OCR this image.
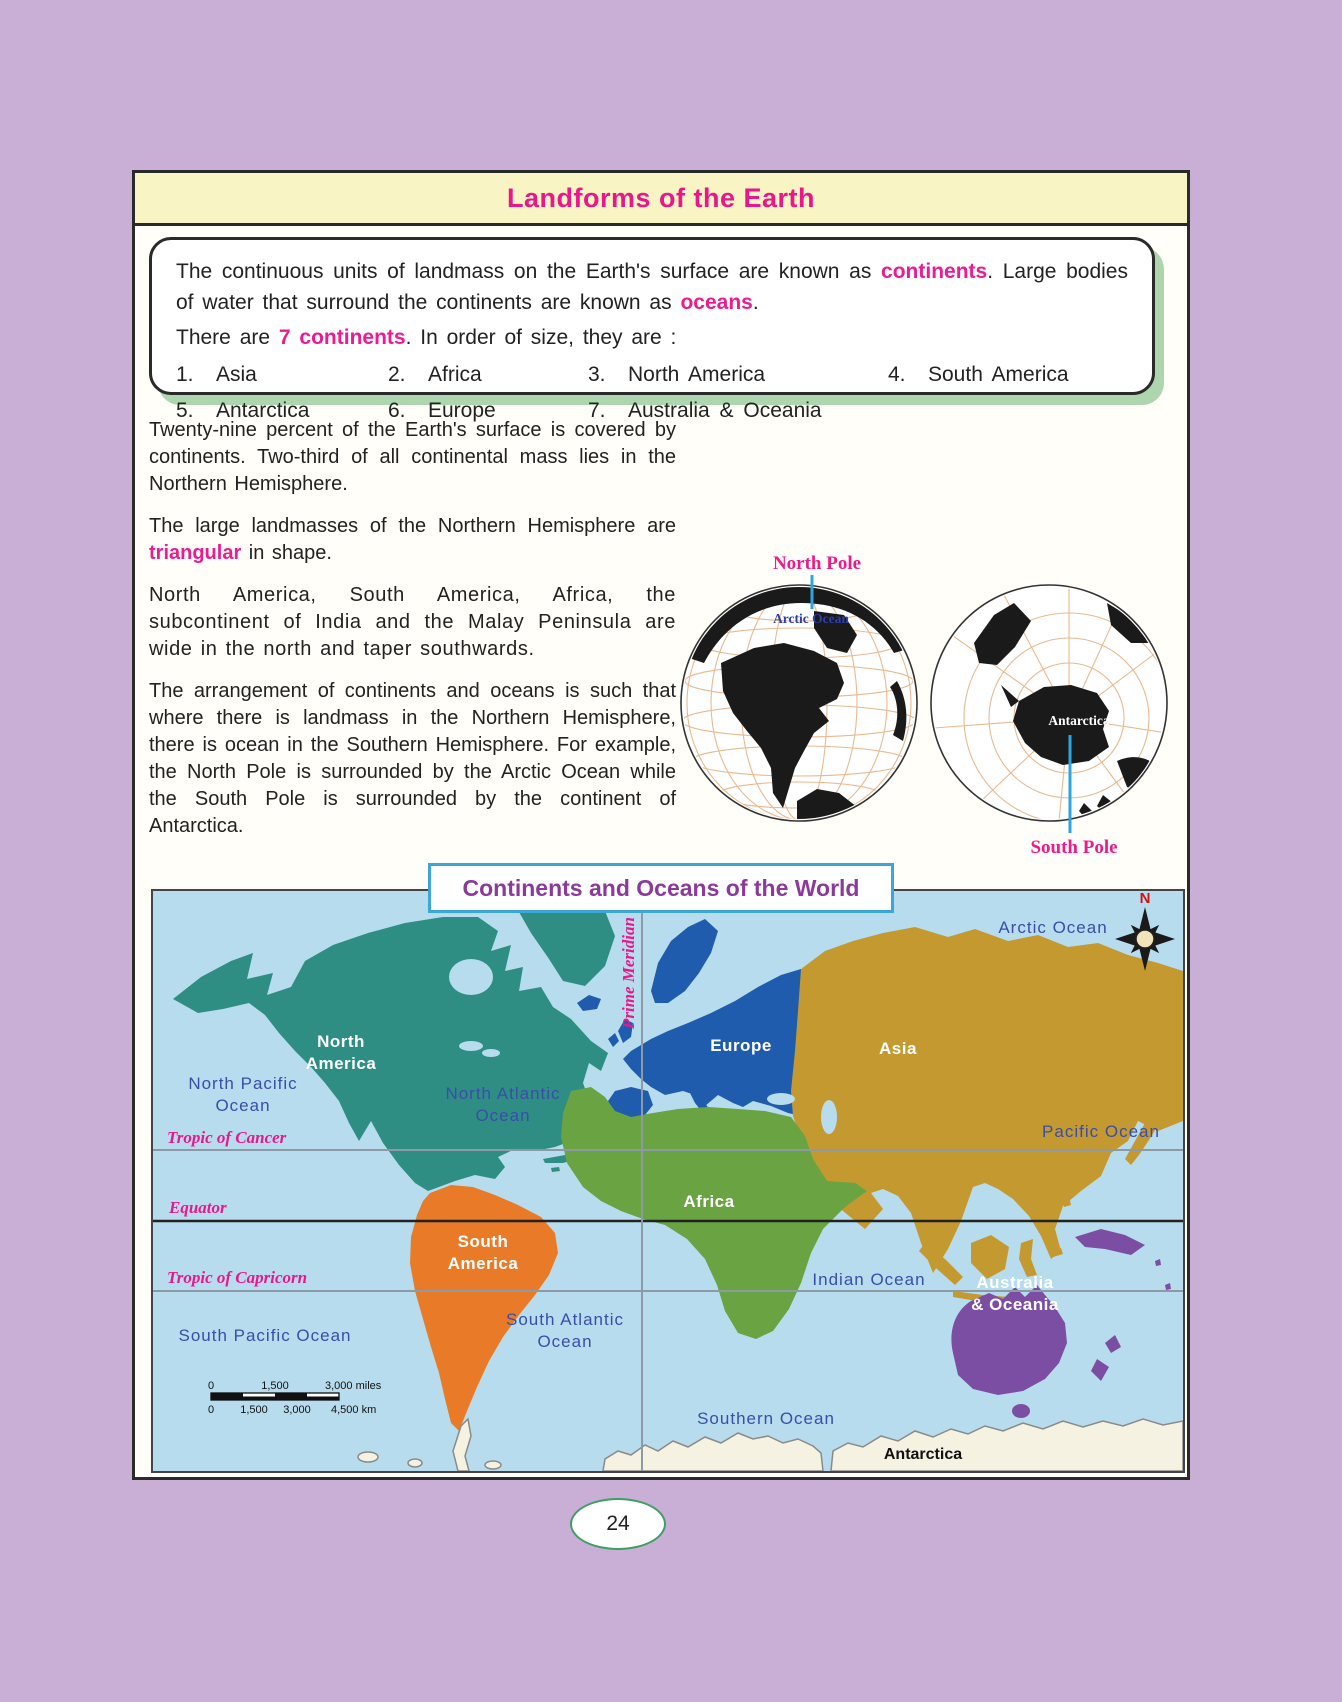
Landforms of the Earth

The continuous units of landmass on the Earth's surface are known as continents. Large bodies of water that surround the continents are known as oceans.

There are 7 continents. In order of size, they are :

1. Asia	2. Africa	3. North America	4. South America
5. Antarctica	6. Europe	7. Australia & Oceania

Twenty-nine percent of the Earth's surface is covered by continents. Two-third of all continental mass lies in the Northern Hemisphere.

The large landmasses of the Northern Hemisphere are triangular in shape.

North America, South America, Africa, the subcontinent of India and the Malay Peninsula are wide in the north and taper southwards.

The arrangement of continents and oceans is such that where there is landmass in the Northern Hemisphere, there is ocean in the Southern Hemisphere. For example, the North Pole is surrounded by the Arctic Ocean while the South Pole is surrounded by the continent of Antarctica.

Arctic Ocean
North Pole
Antarctica
South Pole
Continents and Oceans of the World
Arctic Ocean
North
America
North Pacific
Ocean
North Atlantic
Ocean
Tropic of Cancer
Equator
Tropic of Capricorn
Prime Meridian
South
America
South Pacific Ocean
South Atlantic
Ocean
Europe	Asia
Africa
Pacific Ocean
Indian Ocean	Australia
& Oceania
Southern Ocean
Antarctica
N
0	1,500	3,000 miles
0 1,500 3,000 4,500 km
24
